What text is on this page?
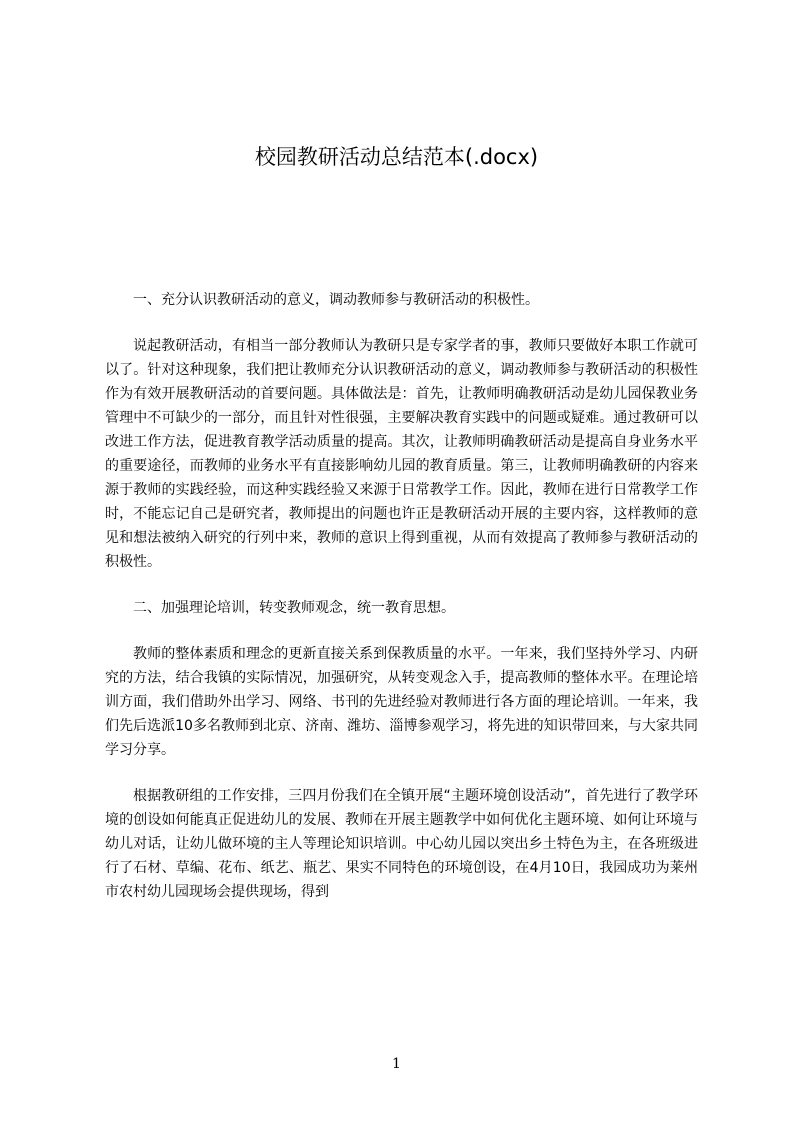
校园教研活动总结范本(.docx)

一、充分认识教研活动的意义，调动教师参与教研活动的积极性。

说起教研活动，有相当一部分教师认为教研只是专家学者的事，教师只要做好本职工作就可以了。针对这种现象，我们把让教师充分认识教研活动的意义，调动教师参与教研活动的积极性作为有效开展教研活动的首要问题。具体做法是：首先，让教师明确教研活动是幼儿园保教业务管理中不可缺少的一部分，而且针对性很强，主要解决教育实践中的问题或疑难。通过教研可以改进工作方法，促进教育教学活动质量的提高。其次，让教师明确教研活动是提高自身业务水平的重要途径，而教师的业务水平有直接影响幼儿园的教育质量。第三，让教师明确教研的内容来源于教师的实践经验，而这种实践经验又来源于日常教学工作。因此，教师在进行日常教学工作时，不能忘记自己是研究者，教师提出的问题也许正是教研活动开展的主要内容，这样教师的意见和想法被纳入研究的行列中来，教师的意识上得到重视，从而有效提高了教师参与教研活动的积极性。

二、加强理论培训，转变教师观念，统一教育思想。

教师的整体素质和理念的更新直接关系到保教质量的水平。一年来，我们坚持外学习、内研究的方法，结合我镇的实际情况，加强研究，从转变观念入手，提高教师的整体水平。在理论培训方面，我们借助外出学习、网络、书刊的先进经验对教师进行各方面的理论培训。一年来，我们先后选派10多名教师到北京、济南、潍坊、淄博参观学习，将先进的知识带回来，与大家共同学习分享。

根据教研组的工作安排，三四月份我们在全镇开展“主题环境创设活动”，首先进行了教学环境的创设如何能真正促进幼儿的发展、教师在开展主题教学中如何优化主题环境、如何让环境与幼儿对话，让幼儿做环境的主人等理论知识培训。中心幼儿园以突出乡土特色为主，在各班级进行了石材、草编、花布、纸艺、瓶艺、果实不同特色的环境创设，在4月10日，我园成功为莱州市农村幼儿园现场会提供现场，得到

1
